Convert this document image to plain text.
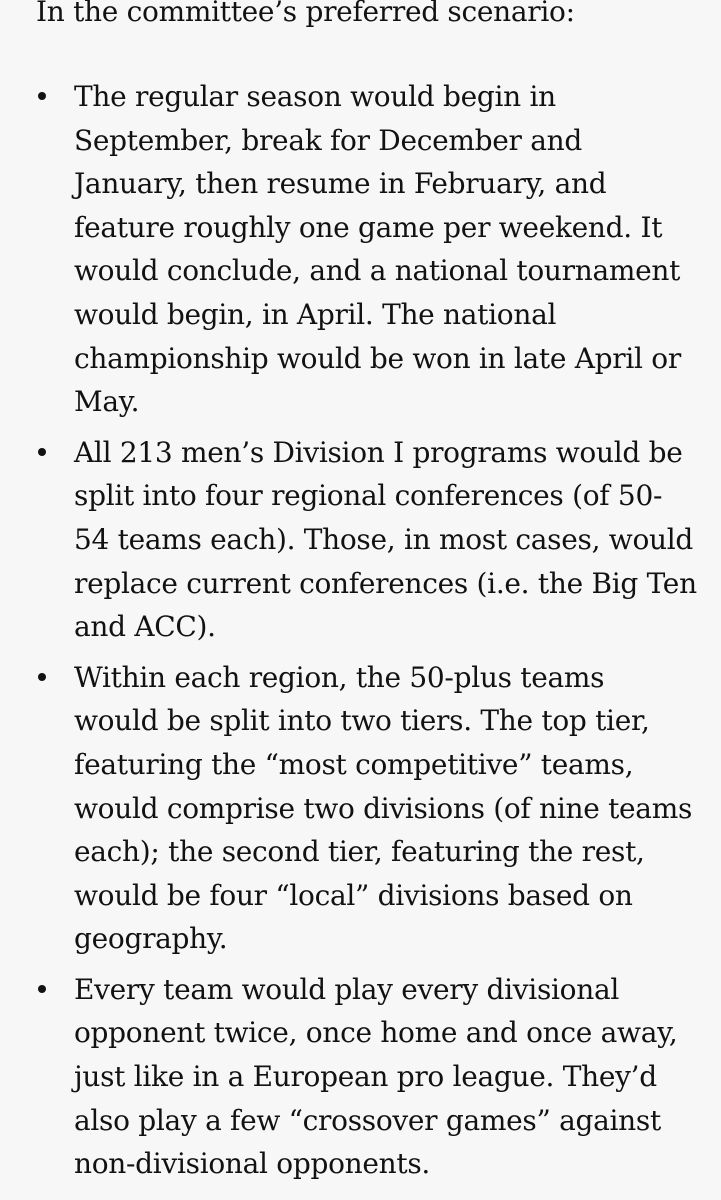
In the committee’s preferred scenario:

The regular season would begin in September, break for December and January, then resume in February, and feature roughly one game per weekend. It would conclude, and a national tournament would begin, in April. The national championship would be won in late April or May.
All 213 men’s Division I programs would be split into four regional conferences (of 50-54 teams each). Those, in most cases, would replace current conferences (i.e. the Big Ten and ACC).
Within each region, the 50-plus teams would be split into two tiers. The top tier, featuring the “most competitive” teams, would comprise two divisions (of nine teams each); the second tier, featuring the rest, would be four “local” divisions based on geography.
Every team would play every divisional opponent twice, once home and once away, just like in a European pro league. They’d also play a few “crossover games” against non-divisional opponents.
